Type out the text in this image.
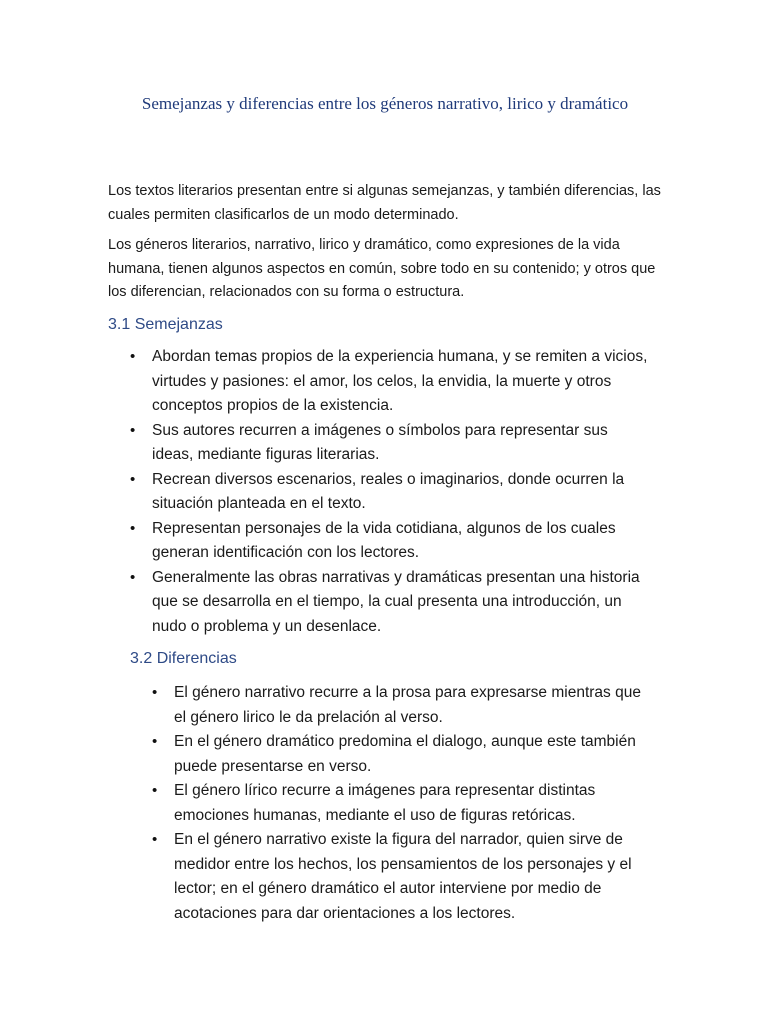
Semejanzas y diferencias entre los géneros narrativo, lirico y dramático

Los textos literarios presentan entre si algunas semejanzas, y también diferencias, las cuales permiten clasificarlos de un modo determinado.

Los géneros literarios, narrativo, lirico y dramático, como expresiones de la vida humana, tienen algunos aspectos en común, sobre todo en su contenido; y otros que los diferencian, relacionados con su forma o estructura.

3.1 Semejanzas
• Abordan temas propios de la experiencia humana, y se remiten a vicios, virtudes y pasiones: el amor, los celos, la envidia, la muerte y otros conceptos propios de la existencia.
• Sus autores recurren a imágenes o símbolos para representar sus ideas, mediante figuras literarias.
• Recrean diversos escenarios, reales o imaginarios, donde ocurren la situación planteada en el texto.
• Representan personajes de la vida cotidiana, algunos de los cuales generan identificación con los lectores.
• Generalmente las obras narrativas y dramáticas presentan una historia que se desarrolla en el tiempo, la cual presenta una introducción, un nudo o problema y un desenlace.
3.2 Diferencias
• El género narrativo recurre a la prosa para expresarse mientras que el género lirico le da prelación al verso.
• En el género dramático predomina el dialogo, aunque este también puede presentarse en verso.
• El género lírico recurre a imágenes para representar distintas emociones humanas, mediante el uso de figuras retóricas.
• En el género narrativo existe la figura del narrador, quien sirve de medidor entre los hechos, los pensamientos de los personajes y el lector; en el género dramático el autor interviene por medio de acotaciones para dar orientaciones a los lectores.
